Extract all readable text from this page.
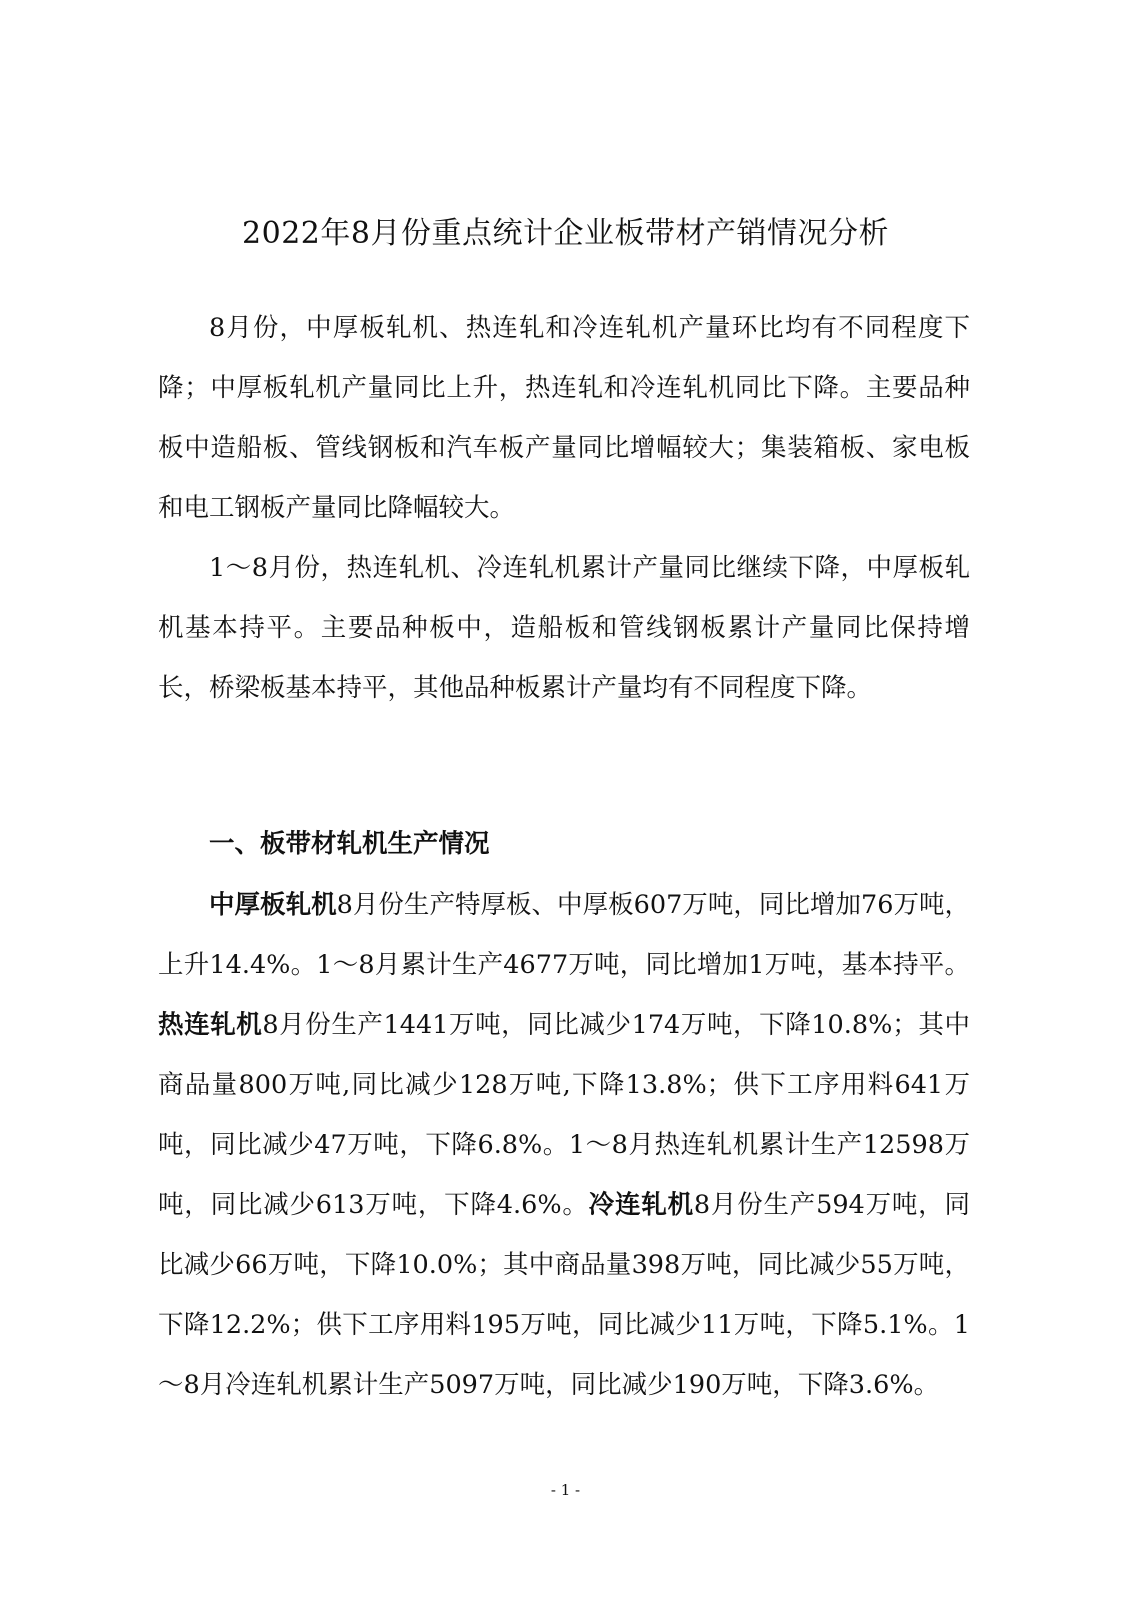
2022年8月份重点统计企业板带材产销情况分析

8月份，中厚板轧机、热连轧和冷连轧机产量环比均有不同程度下降；中厚板轧机产量同比上升，热连轧和冷连轧机同比下降。主要品种板中造船板、管线钢板和汽车板产量同比增幅较大；集装箱板、家电板和电工钢板产量同比降幅较大。

1～8月份，热连轧机、冷连轧机累计产量同比继续下降，中厚板轧机基本持平。主要品种板中，造船板和管线钢板累计产量同比保持增长，桥梁板基本持平，其他品种板累计产量均有不同程度下降。

一、板带材轧机生产情况

中厚板轧机8月份生产特厚板、中厚板607万吨，同比增加76万吨，上升14.4%。1～8月累计生产4677万吨，同比增加1万吨，基本持平。热连轧机8月份生产1441万吨，同比减少174万吨，下降10.8%；其中商品量800万吨,同比减少128万吨,下降13.8%；供下工序用料641万吨，同比减少47万吨，下降6.8%。1～8月热连轧机累计生产12598万吨，同比减少613万吨，下降4.6%。冷连轧机8月份生产594万吨，同比减少66万吨，下降10.0%；其中商品量398万吨，同比减少55万吨，下降12.2%；供下工序用料195万吨，同比减少11万吨，下降5.1%。1～8月冷连轧机累计生产5097万吨，同比减少190万吨，下降3.6%。

- 1 -
